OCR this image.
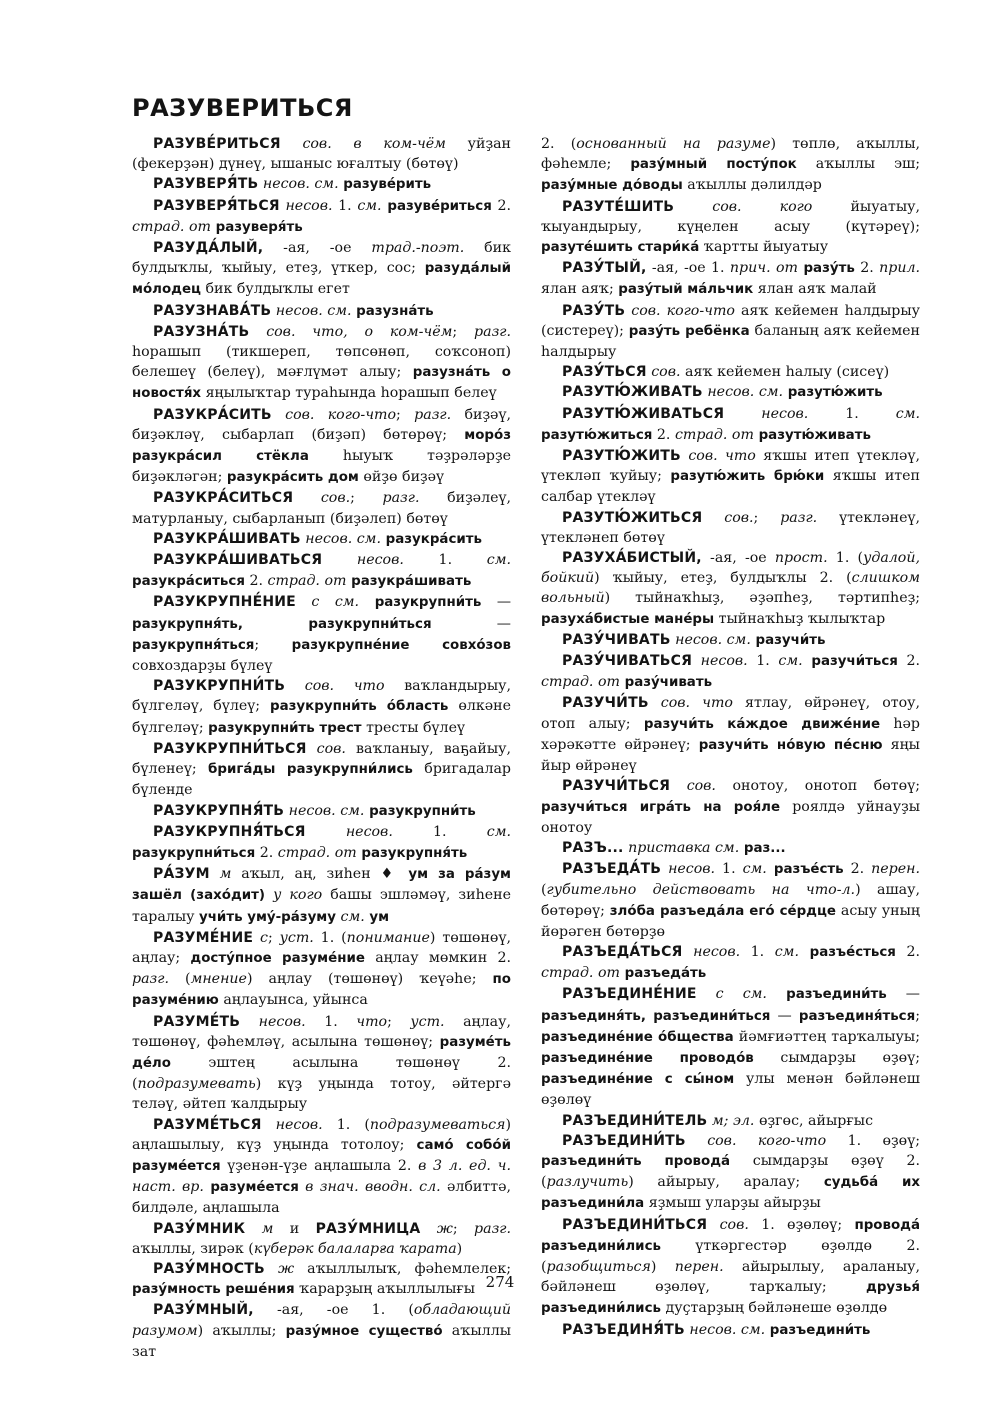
РАЗУВЕРИТЬСЯ

РАЗУВЕ́РИТЬСЯ сов. в ком-чём уйҙан (фекерҙән) дүнеү, ышаныс юғалтыу (бөтөү)

РАЗУВЕРЯ́ТЬ несов. см. разуве́рить

РАЗУВЕРЯ́ТЬСЯ несов. 1. см. разуве́риться 2. страд. от разуверя́ть

РАЗУДА́ЛЫЙ, -ая, -ое трад.-поэт. бик булдыҡлы, ҡыйыу, етеҙ, үткер, сос; разуда́лый мо́лодец бик булдыҡлы егет

РАЗУЗНАВА́ТЬ несов. см. разузна́ть

РАЗУЗНА́ТЬ сов. что, о ком-чём; разг. һорашып (тикшереп, төпсөнөп, соҡсоноп) белешеү (белеү), мәғлүмәт алыу; разузна́ть о новостя́х яңылыҡтар тураһында һорашып белеү

РАЗУКРА́СИТЬ сов. кого-что; разг. биҙәү, биҙәкләү, сыбарлап (биҙәп) бөтөрөү; моро́з разукра́сил стёкла һыуыҡ тәҙрәләрҙе биҙәкләгән; разукра́сить дом өйҙө биҙәү

РАЗУКРА́СИТЬСЯ сов.; разг. биҙәлеү, матурланыу, сыбарланып (биҙәлеп) бөтөү

РАЗУКРА́ШИВАТЬ несов. см. разукра́сить

РАЗУКРА́ШИВАТЬСЯ несов. 1. см. разукра́ситься 2. страд. от разукра́шивать

РАЗУКРУПНЕ́НИЕ с см. разукрупни́ть — разукрупня́ть, разукрупни́ться — разукрупня́ться; разукрупне́ние совхо́зов совхоздарҙы бүлеү

РАЗУКРУПНИ́ТЬ сов. что ваҡландырыу, бүлгеләү, бүлеү; разукрупни́ть о́бласть өлкәне бүлгеләү; разукрупни́ть трест тресты бүлеү

РАЗУКРУПНИ́ТЬСЯ сов. ваҡланыу, ваҕайыу, бүленеү; брига́ды разукрупни́лись бригадалар бүленде

РАЗУКРУПНЯ́ТЬ несов. см. разукрупни́ть

РАЗУКРУПНЯ́ТЬСЯ несов. 1. см. разукрупни́ться 2. страд. от разукрупня́ть

РА́ЗУМ м аҡыл, аң, зиһен ♦ ум за ра́зум зашёл (захо́дит) у кого башы эшләмәү, зиһене таралыу учи́ть уму́-ра́зуму см. ум

РАЗУМЕ́НИЕ с; уст. 1. (понимание) төшөнөү, аңлау; досту́пное разуме́ние аңлау мөмкин 2. разг. (мнение) аңлау (төшөнөү) ҡеүәһе; по разуме́нию аңлауынса, уйынса

РАЗУМЕ́ТЬ несов. 1. что; уст. аңлау, төшөнөү, фәһемләү, асылына төшөнөү; разуме́ть де́ло эштең асылына төшөнөү 2. (подразумевать) күҙ уңында тотоу, әйтергә теләү, әйтеп ҡалдырыу

РАЗУМЕ́ТЬСЯ несов. 1. (подразумеваться) аңлашылыу, күҙ уңында тотолоу; само́ собо́й разуме́ется үҙенән-үҙе аңлашыла 2. в 3 л. ед. ч. наст. вр. разуме́ется в знач. вводн. сл. әлбиттә, билдәле, аңлашыла

РАЗУ́МНИК м и РАЗУ́МНИЦА ж; разг. аҡыллы, зирәк (күберәк балаларға ҡарата)

РАЗУ́МНОСТЬ ж аҡыллылыҡ, фәһемлелек; разу́мность реше́ния ҡарарҙың аҡыллылығы

РАЗУ́МНЫЙ, -ая, -ое 1. (обладающий разумом) аҡыллы; разу́мное существо́ аҡыллы зат

2. (основанный на разуме) төплө, аҡыллы, фәһемле; разу́мный посту́пок аҡыллы эш; разу́мные до́воды аҡыллы дәлилдәр

РАЗУТЕ́ШИТЬ сов. кого йыуатыу, ҡыуандырыу, күңелен асыу (күтәреү); разуте́шить стари́ка́ ҡартты йыуатыу

РАЗУ́ТЫЙ, -ая, -ое 1. прич. от разу́ть 2. прил. ялан аяҡ; разу́тый ма́льчик ялан аяҡ малай

РАЗУ́ТЬ сов. кого-что аяҡ кейемен һалдырыу (систереү); разу́ть ребёнка баланың аяҡ кейемен һалдырыу

РАЗУ́ТЬСЯ сов. аяҡ кейемен һалыу (сисеү)

РАЗУТЮ́ЖИВАТЬ несов. см. разутю́жить

РАЗУТЮ́ЖИВАТЬСЯ несов. 1. см. разутю́житься 2. страд. от разутю́живать

РАЗУТЮ́ЖИТЬ сов. что яҡшы итеп үтекләү, үтекләп ҡуйыу; разутю́жить брю́ки яҡшы итеп салбар үтекләү

РАЗУТЮ́ЖИТЬСЯ сов.; разг. үтекләнеү, үтекләнеп бөтөү

РАЗУХА́БИСТЫЙ, -ая, -ое прост. 1. (удалой, бойкий) ҡыйыу, етеҙ, булдыҡлы 2. (слишком вольный) тыйнаҡһыҙ, әҙәпһеҙ, тәртипһеҙ; разуха́бистые мане́ры тыйнаҡһыҙ ҡылыҡтар

РАЗУ́ЧИВАТЬ несов. см. разучи́ть

РАЗУ́ЧИВАТЬСЯ несов. 1. см. разучи́ться 2. страд. от разу́чивать

РАЗУЧИ́ТЬ сов. что ятлау, өйрәнеү, отоу, отоп алыу; разучи́ть ка́ждое движе́ние һәр хәрәкәтте өйрәнеү; разучи́ть но́вую пе́сню яңы йыр өйрәнеү

РАЗУЧИ́ТЬСЯ сов. онотоу, онотоп бөтөү; разучи́ться игра́ть на роя́ле роялдә уйнауҙы онотоу

РАЗЪ... приставка см. раз...

РАЗЪЕДА́ТЬ несов. 1. см. разъе́сть 2. перен. (губительно действовать на что-л.) ашау, бөтөрөү; зло́ба разъеда́ла его́ се́рдце асыу уның йөрәген бөтөрҙө

РАЗЪЕДА́ТЬСЯ несов. 1. см. разъе́сться 2. страд. от разъеда́ть

РАЗЪЕДИНЕ́НИЕ с см. разъедини́ть — разъединя́ть, разъедини́ться — разъединя́ться; разъедине́ние о́бщества йәмғиәттең тарҡалыуы; разъедине́ние проводо́в сымдарҙы өҙөү; разъедине́ние с сы́ном улы менән бәйләнеш өҙөлөү

РАЗЪЕДИНИ́ТЕЛЬ м; эл. өҙгөс, айырғыс

РАЗЪЕДИНИ́ТЬ сов. кого-что 1. өҙөү; разъедини́ть провода́ сымдарҙы өҙөү 2. (разлучить) айырыу, аралау; судьба́ их разъедини́ла яҙмыш уларҙы айырҙы

РАЗЪЕДИНИ́ТЬСЯ сов. 1. өҙөлөү; провода́ разъедини́лись үткәргестәр өҙөлдө 2. (разобщиться) перен. айырылыу, араланыу, бәйләнеш өҙөлөү, тарҡалыу; друзья́ разъедини́лись дуҫтарҙың бәйләнеше өҙөлдө

РАЗЪЕДИНЯ́ТЬ несов. см. разъедини́ть

274
